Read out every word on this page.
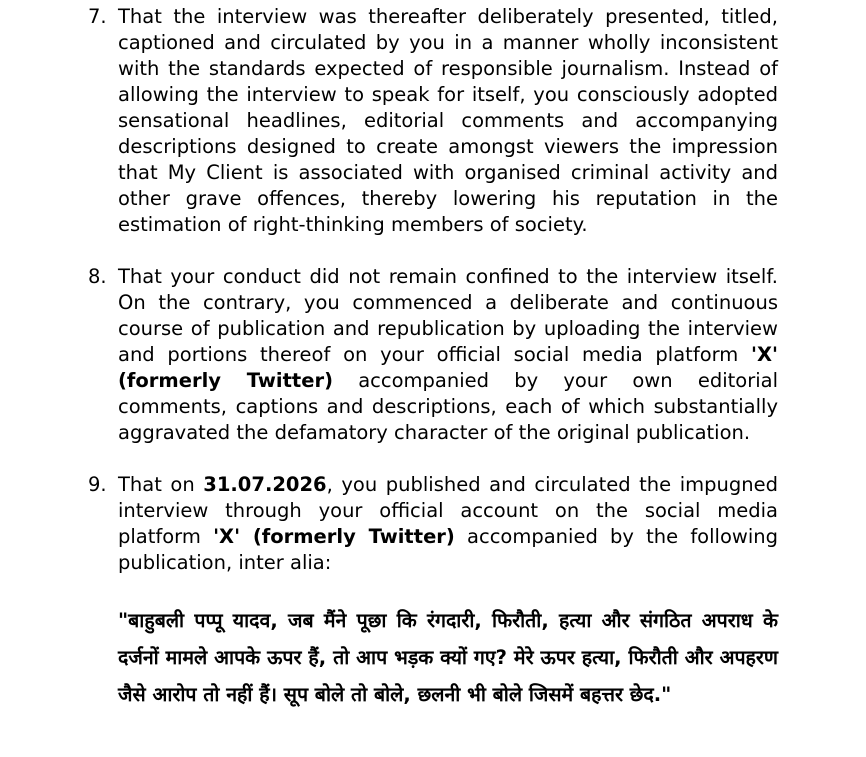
7. That the interview was thereafter deliberately presented, titled, captioned and circulated by you in a manner wholly inconsistent with the standards expected of responsible journalism. Instead of allowing the interview to speak for itself, you consciously adopted sensational headlines, editorial comments and accompanying descriptions designed to create amongst viewers the impression that My Client is associated with organised criminal activity and other grave offences, thereby lowering his reputation in the estimation of right-thinking members of society.
8. That your conduct did not remain confined to the interview itself. On the contrary, you commenced a deliberate and continuous course of publication and republication by uploading the interview and portions thereof on your official social media platform 'X' (formerly Twitter) accompanied by your own editorial comments, captions and descriptions, each of which substantially aggravated the defamatory character of the original publication.
9. That on 31.07.2026, you published and circulated the impugned interview through your official account on the social media platform 'X' (formerly Twitter) accompanied by the following publication, inter alia:

"बाहुबली पप्पू यादव, जब मैंने पूछा कि रंगदारी, फिरौती, हत्या और संगठित अपराध के दर्जनों मामले आपके ऊपर हैं, तो आप भड़क क्यों गए? मेरे ऊपर हत्या, फिरौती और अपहरण जैसे आरोप तो नहीं हैं। सूप बोले तो बोले, छलनी भी बोले जिसमें बहत्तर छेद."
